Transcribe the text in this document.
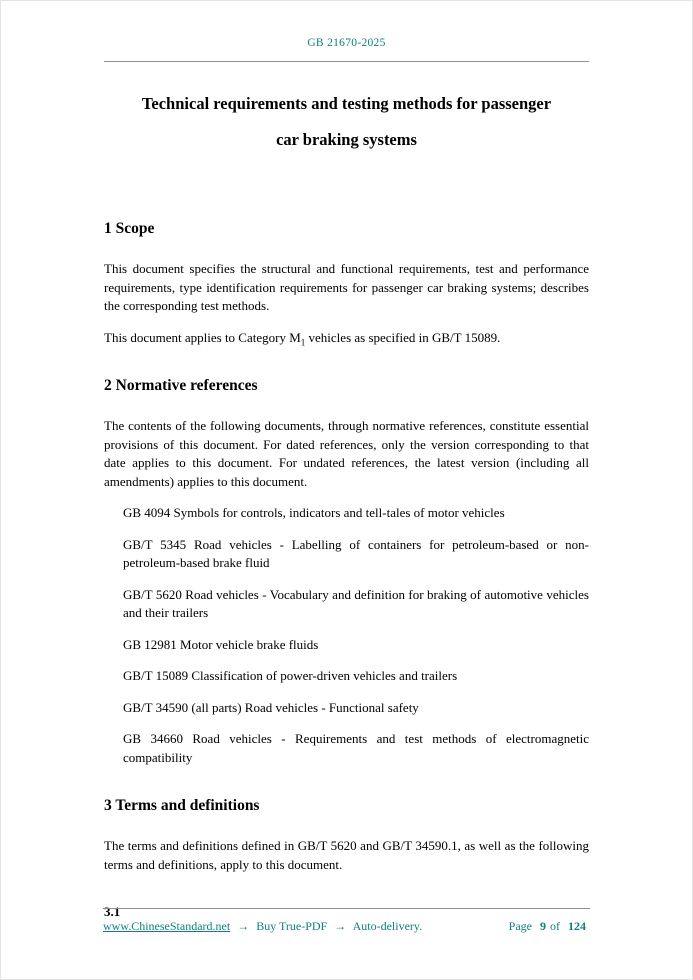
GB 21670-2025
Technical requirements and testing methods for passenger
car braking systems
1 Scope

This document specifies the structural and functional requirements, test and performance requirements, type identification requirements for passenger car braking systems; describes the corresponding test methods.

This document applies to Category $M_1$ vehicles as specified in GB/T 15089.

2 Normative references

The contents of the following documents, through normative references, constitute essential provisions of this document. For dated references, only the version corresponding to that date applies to this document. For undated references, the latest version (including all amendments) applies to this document.

GB 4094 Symbols for controls, indicators and tell-tales of motor vehicles

GB/T 5345 Road vehicles - Labelling of containers for petroleum-based or non-petroleum-based brake fluid

GB/T 5620 Road vehicles - Vocabulary and definition for braking of automotive vehicles and their trailers

GB 12981 Motor vehicle brake fluids

GB/T 15089 Classification of power-driven vehicles and trailers

GB/T 34590 (all parts) Road vehicles - Functional safety

GB 34660 Road vehicles - Requirements and test methods of electromagnetic compatibility

3 Terms and definitions

The terms and definitions defined in GB/T 5620 and GB/T 34590.1, as well as the following terms and definitions, apply to this document.

3.1

www.ChineseStandard.net → Buy True-PDF → Auto-delivery.	Page 9 of 124
